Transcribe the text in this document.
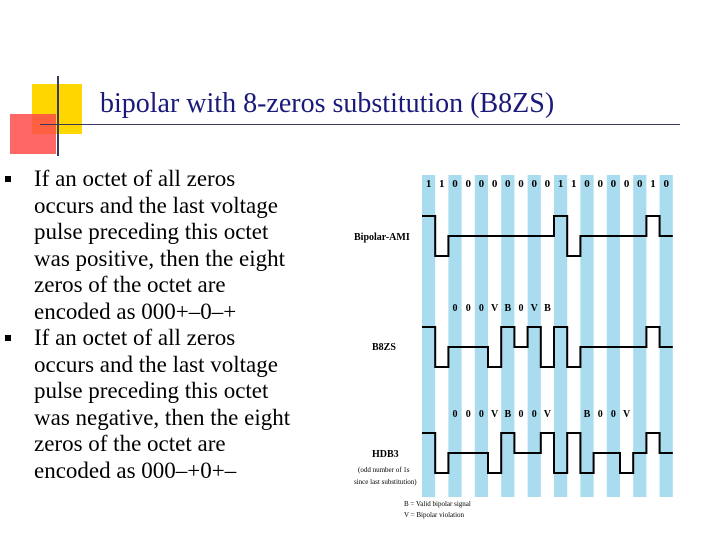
bipolar with 8-zeros substitution (B8ZS)
If an octet of all zeros
occurs and the last voltage
pulse preceding this octet
was positive, then the eight
zeros of the octet are
encoded as 000+–0–+
If an octet of all zeros
occurs and the last voltage
pulse preceding this octet
was negative, then the eight
zeros of the octet are
encoded as 000–+0+–
1 1 0 0 0 0 0 0 0 0 1 1 0 0 0 0 0 1 0
Bipolar-AMI
B8ZS
HDB3
(odd number of 1s
since last substitution)
0 0 0 V B 0 V B
0 0 0 V B 0 0 V	B 0 0 V
B = Valid bipolar signal
V = Bipolar violation
